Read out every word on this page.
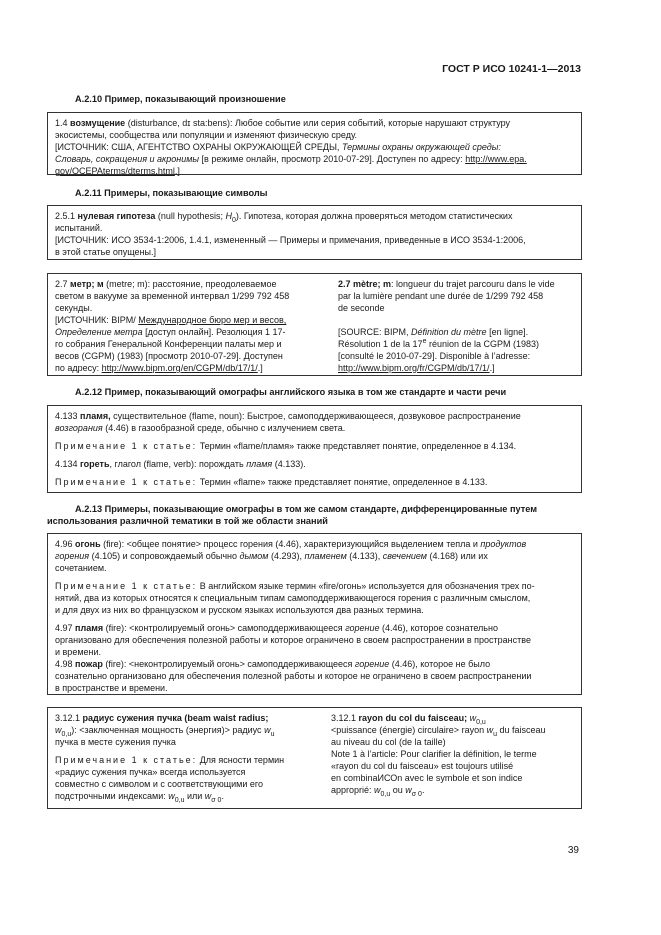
ГОСТ Р ИСО 10241-1—2013
А.2.10 Пример, показывающий произношение

1.4 возмущение (disturbance, dɪ sta:bens): Любое событие или серия событий, которые нарушают структуру

экосистемы, сообщества или популяции и изменяют физическую среду.

[ИСТОЧНИК: США, АГЕНТСТВО ОХРАНЫ ОКРУЖАЮЩЕЙ СРЕДЫ, Термины охраны окружающей среды:

Словарь, сокращения и акронимы [в режиме онлайн, просмотр 2010-07-29]. Доступен по адресу: http://www.epa.

gov/OCEPAterms/dterms.html.]

А.2.11 Примеры, показывающие символы

2.5.1 нулевая гипотеза (null hypothesis; $H_0$). Гипотеза, которая должна проверяться методом статистических

испытаний.

[ИСТОЧНИК: ИСО 3534-1:2006, 1.4.1, измененный — Примеры и примечания, приведенные в ИСО 3534-1:2006,

в этой статье опущены.]

2.7 метр; м (metre; m): расстояние, преодолеваемое

светом в вакууме за временной интервал 1/299 792 458

секунды.

[ИСТОЧНИК: BIPM/ Международное бюро мер и весов,

Определение метра [доступ онлайн]. Резолюция 1 17-

го собрания Генеральной Конференции палаты мер и

весов (CGPM) (1983) [просмотр 2010-07-29]. Доступен

по адресу: http://www.bipm.org/en/CGPM/db/17/1/.]

2.7 mètre; m: longueur du trajet parcouru dans le vide

par la lumière pendant une durée de 1/299 792 458

de seconde

[SOURCE: BIPM, Définition du mètre [en ligne].

Résolution 1 de la 17e réunion de la CGPM (1983)

[consulté le 2010-07-29]. Disponible à l’adresse:

http://www.bipm.org/fr/CGPM/db/17/1/.]

А.2.12 Пример, показывающий омографы английского языка в том же стандарте и части речи

4.133 пламя, существительное (flame, noun): Быстрое, самоподдерживающееся, дозвуковое распространение

возгорания (4.46) в газообразной среде, обычно с излучением света.

Примечание 1 к статье: Термин «flame/пламя» также представляет понятие, определенное в 4.134.

4.134 гореть, глагол (flame, verb): порождать пламя (4.133).

Примечание 1 к статье: Термин «flame» также представляет понятие, определенное в 4.133.

А.2.13 Примеры, показывающие омографы в том же самом стандарте, дифференцированные путем
использования различной тематики в той же области знаний

4.96 огонь (fire): <общее понятие> процесс горения (4.46), характеризующийся выделением тепла и продуктов

горения (4.105) и сопровождаемый обычно дымом (4.293), пламенем (4.133), свечением (4.168) или их

сочетанием.

Примечание 1 к статье: В английском языке термин «fire/огонь» используется для обозначения трех по-

нятий, два из которых относятся к специальным типам самоподдерживающегося горения с различным смыслом,

и для двух из них во французском и русском языках используются два разных термина.

4.97 пламя (fire): <контролируемый огонь> самоподдерживающееся горение (4.46), которое сознательно

организовано для обеспечения полезной работы и которое ограничено в своем распространении в пространстве

и времени.

4.98 пожар (fire): <неконтролируемый огонь> самоподдерживающееся горение (4.46), которое не было

сознательно организовано для обеспечения полезной работы и которое не ограничено в своем распространении

в пространстве и времени.

3.12.1 радиус сужения пучка (beam waist radius;

$w_{0,u}$): <заключенная мощность (энергия)> радиус $w_u$

пучка в месте сужения пучка

Примечание 1 к статье: Для ясности термин

«радиус сужения пучка» всегда используется

совместно с символом и с соответствующими его

подстрочными индексами: $w_{0,u}$ или $w_{\sigma 0}$.

3.12.1 rayon du col du faisceau; $w_{0,u}$

<puissance (énergie) circulaire> rayon $w_u$ du faisceau

au niveau du col (de la taille)

Note 1 à l’article: Pour clarifier la définition, le terme

«rayon du col du faisceau» est toujours utilisé

en combinaИСОn avec le symbole et son indice

approprié: $w_{0,u}$ ou $w_{\sigma 0}$.

39
